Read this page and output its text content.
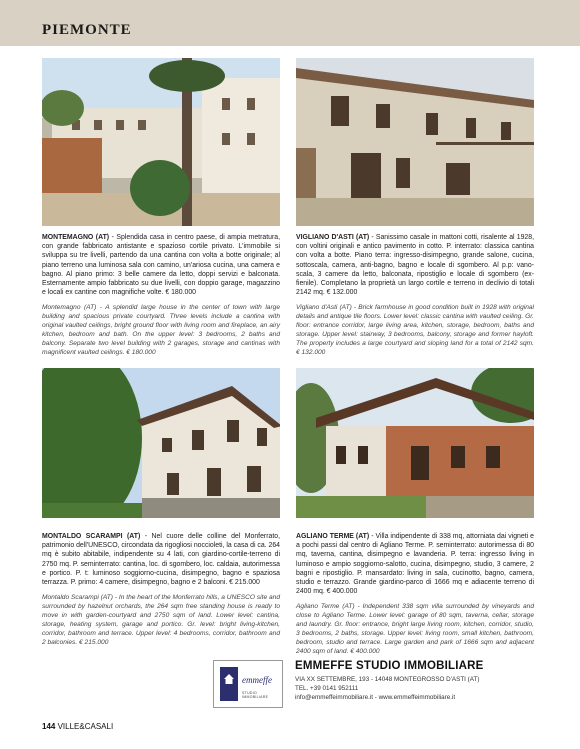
PIEMONTE

MONTEMAGNO (AT) - Splendida casa in centro paese, di ampia metratura, con grande fabbricato antistante e spazioso cortile privato. L'immobile si sviluppa su tre livelli, partendo da una cantina con volta a botte originale; al piano terreno una luminosa sala con camino, un'ariosa cucina, una camera e bagno. Al piano primo: 3 belle camere da letto, doppi servizi e balconata. Esternamente ampio fabbricato su due livelli, con doppio garage, magazzino e locali ex cantine con magnifiche volte. € 180.000

Montemagno (AT) - A splendid large house in the center of town with large building and spacious private courtyard. Three levels include a cantina with original vaulted ceilings, bright ground floor with living room and fireplace, an airy kitchen, bedroom and bath. On the upper level: 3 bedrooms, 2 baths and balcony. Separate two level building with 2 garages, storage and cantinas with magnificent vaulted ceilings. € 180.000

VIGLIANO D'ASTI (AT) - Sanissimo casale in mattoni cotti, risalente al 1928, con voltini originali e antico pavimento in cotto. P. interrato: classica cantina con volta a botte. Piano terra: ingresso-disimpegno, grande salone, cucina, sottoscala, camera, anti-bagno, bagno e locale di sgombero. Al p.p: vano-scala, 3 camere da letto, balconata, ripostiglio e locale di sgombero (ex- fienile). Completano la proprietà un largo cortile e terreno in declivio di totali 2142 mq. € 132.000

Vigliano d'Asti (AT) - Brick farmhouse in good condition built in 1928 with original details and antique tile floors. Lower level: classic cantina with vaulted ceiling. Gr. floor: entrance corridor, large living area, kitchen, storage, bedroom, baths and storage. Upper level: stairway, 3 bedrooms, balcony, storage and former hayloft. The property includes a large courtyard and sloping land for a total of 2142 sqm. € 132.000

MONTALDO SCARAMPI (AT) - Nel cuore delle colline del Monferrato, patrimonio dell'UNESCO, circondata da rigogliosi noccioleti, la casa di ca. 264 mq è subito abitabile, indipendente su 4 lati, con giardino-cortile-terreno di 2750 mq. P. seminterrato: cantina, loc. di sgombero, loc. caldaia, autorimessa e portico. P. t: luminoso soggiorno-cucina, disimpegno, bagno e spaziosa terrazza. P. primo: 4 camere, disimpegno, bagno e 2 balconi. € 215.000

Montaldo Scarampi (AT) - In the heart of the Monferrato hills, a UNESCO site and surrounded by hazelnut orchards, the 264 sqm free standing house is ready to move in with garden-courtyard and 2750 sqm of land. Lower level: cantina, storage, heating system, garage and portico. Gr. level: bright living-kitchen, corridor, bathroom and terrace. Upper level: 4 bedrooms, corridor, bathroom and 2 balconies. € 215.000

AGLIANO TERME (AT) - Villa indipendente di 338 mq, attorniata dai vigneti e a pochi passi dal centro di Agliano Terme. P. seminterrato: autorimessa di 80 mq, taverna, cantina, disimpegno e lavanderia. P. terra: ingresso living in luminoso e ampio soggiorno-salotto, cucina, disimpegno, studio, 3 camere, 2 bagni e ripostiglio. P. mansardato: living in sala, cucinotto, bagno, camera, studio e terrazzo. Grande giardino-parco di 1666 mq e adiacente terreno di 2400 mq. € 400.000

Agliano Terme (AT) - Independent 338 sqm villa surrounded by vineyards and close to Agliano Terme. Lower level: garage of 80 sqm, taverna, cellar, storage and laundry. Gr. floor: entrance, bright large living room, kitchen, corridor, studio, 3 bedrooms, 2 baths, storage. Upper level: living room, small kitchen, bathroom, bedroom, studio and terrace. Large garden and park of 1666 sqm and adjacent 2400 sqm of land. € 400.000

emmeffe
STUDIO IMMOBILIARE
EMMEFFE STUDIO IMMOBILIARE
VIA XX SETTEMBRE, 193 - 14048 MONTEGROSSO D'ASTI (AT)
TEL. +39 0141 952111
info@emmeffeimmobiliare.it - www.emmeffeimmobiliare.it
144 VILLE&CASALI
